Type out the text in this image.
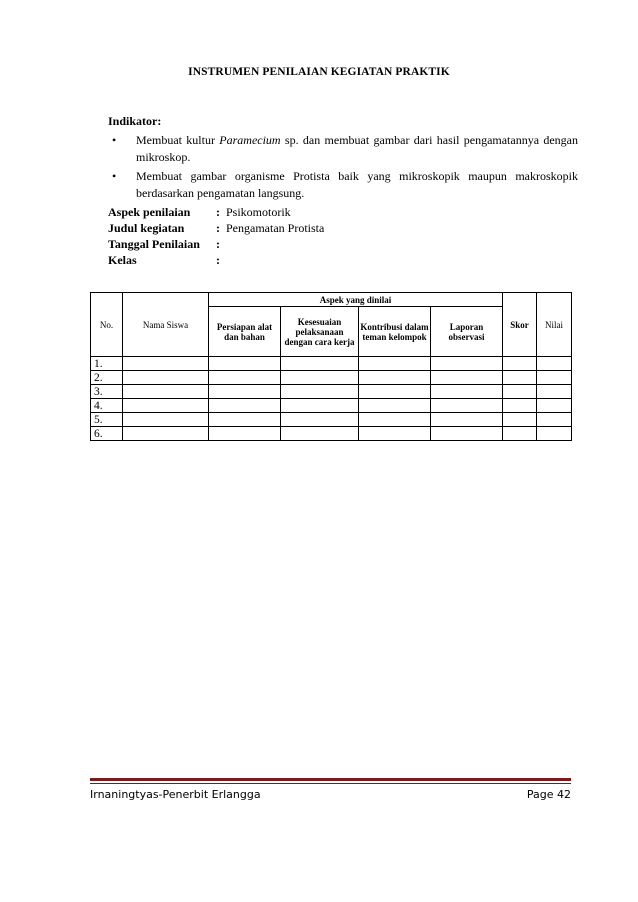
INSTRUMEN PENILAIAN KEGIATAN PRAKTIK
Indikator:
• Membuat kultur Paramecium sp. dan membuat gambar dari hasil pengamatannya dengan mikroskop.
• Membuat gambar organisme Protista baik yang mikroskopik maupun makroskopik berdasarkan pengamatan langsung.
Aspek penilaian	: Psikomotorik
Judul kegiatan	: Pengamatan Protista
Tanggal Penilaian	:
Kelas	:
No.	Nama Siswa	Aspek yang dinilai				Skor	Nilai
		Persiapan alat dan bahan	Kesesuaian pelaksanaan dengan cara kerja	Kontribusi dalam teman kelompok	Laporan observasi		
1.							
2.							
3.							
4.							
5.							
6.							
Irnaningtyas-Penerbit Erlangga	Page 42
